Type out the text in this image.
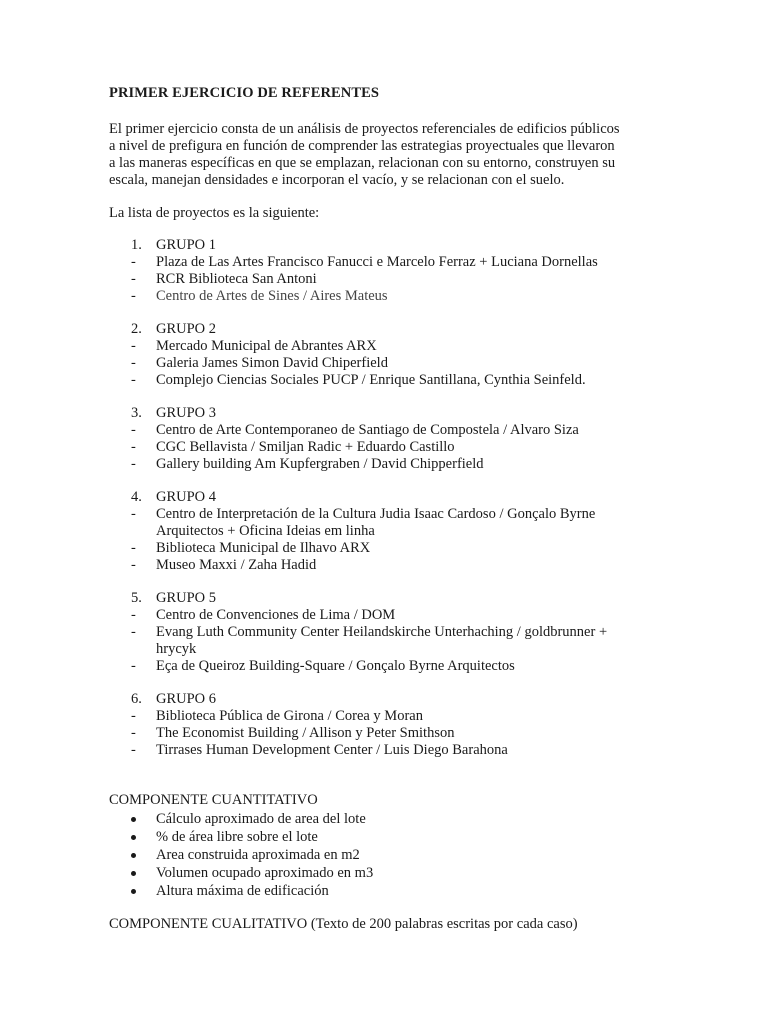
PRIMER EJERCICIO DE REFERENTES
El primer ejercicio consta de un análisis de proyectos referenciales de edificios públicos
a nivel de prefigura en función de comprender las estrategias proyectuales que llevaron
a las maneras específicas en que se emplazan, relacionan con su entorno, construyen su
escala, manejan densidades e incorporan el vacío, y se relacionan con el suelo.
La lista de proyectos es la siguiente:
1. GRUPO 1
- Plaza de Las Artes Francisco Fanucci e Marcelo Ferraz + Luciana Dornellas
- RCR Biblioteca San Antoni
- Centro de Artes de Sines / Aires Mateus
2. GRUPO 2
- Mercado Municipal de Abrantes ARX
- Galeria James Simon David Chiperfield
- Complejo Ciencias Sociales PUCP / Enrique Santillana, Cynthia Seinfeld.
3. GRUPO 3
- Centro de Arte Contemporaneo de Santiago de Compostela / Alvaro Siza
- CGC Bellavista / Smiljan Radic + Eduardo Castillo
- Gallery building Am Kupfergraben / David Chipperfield
4. GRUPO 4
- Centro de Interpretación de la Cultura Judia Isaac Cardoso / Gonçalo Byrne
Arquitectos + Oficina Ideias em linha
- Biblioteca Municipal de Ilhavo ARX
- Museo Maxxi / Zaha Hadid
5. GRUPO 5
- Centro de Convenciones de Lima / DOM
- Evang Luth Community Center Heilandskirche Unterhaching / goldbrunner +
hrycyk
- Eça de Queiroz Building-Square / Gonçalo Byrne Arquitectos
6. GRUPO 6
- Biblioteca Pública de Girona / Corea y Moran
- The Economist Building / Allison y Peter Smithson
- Tirrases Human Development Center / Luis Diego Barahona
COMPONENTE CUANTITATIVO
Cálculo aproximado de area del lote
% de área libre sobre el lote
Area construida aproximada en m2
Volumen ocupado aproximado en m3
Altura máxima de edificación
COMPONENTE CUALITATIVO (Texto de 200 palabras escritas por cada caso)
